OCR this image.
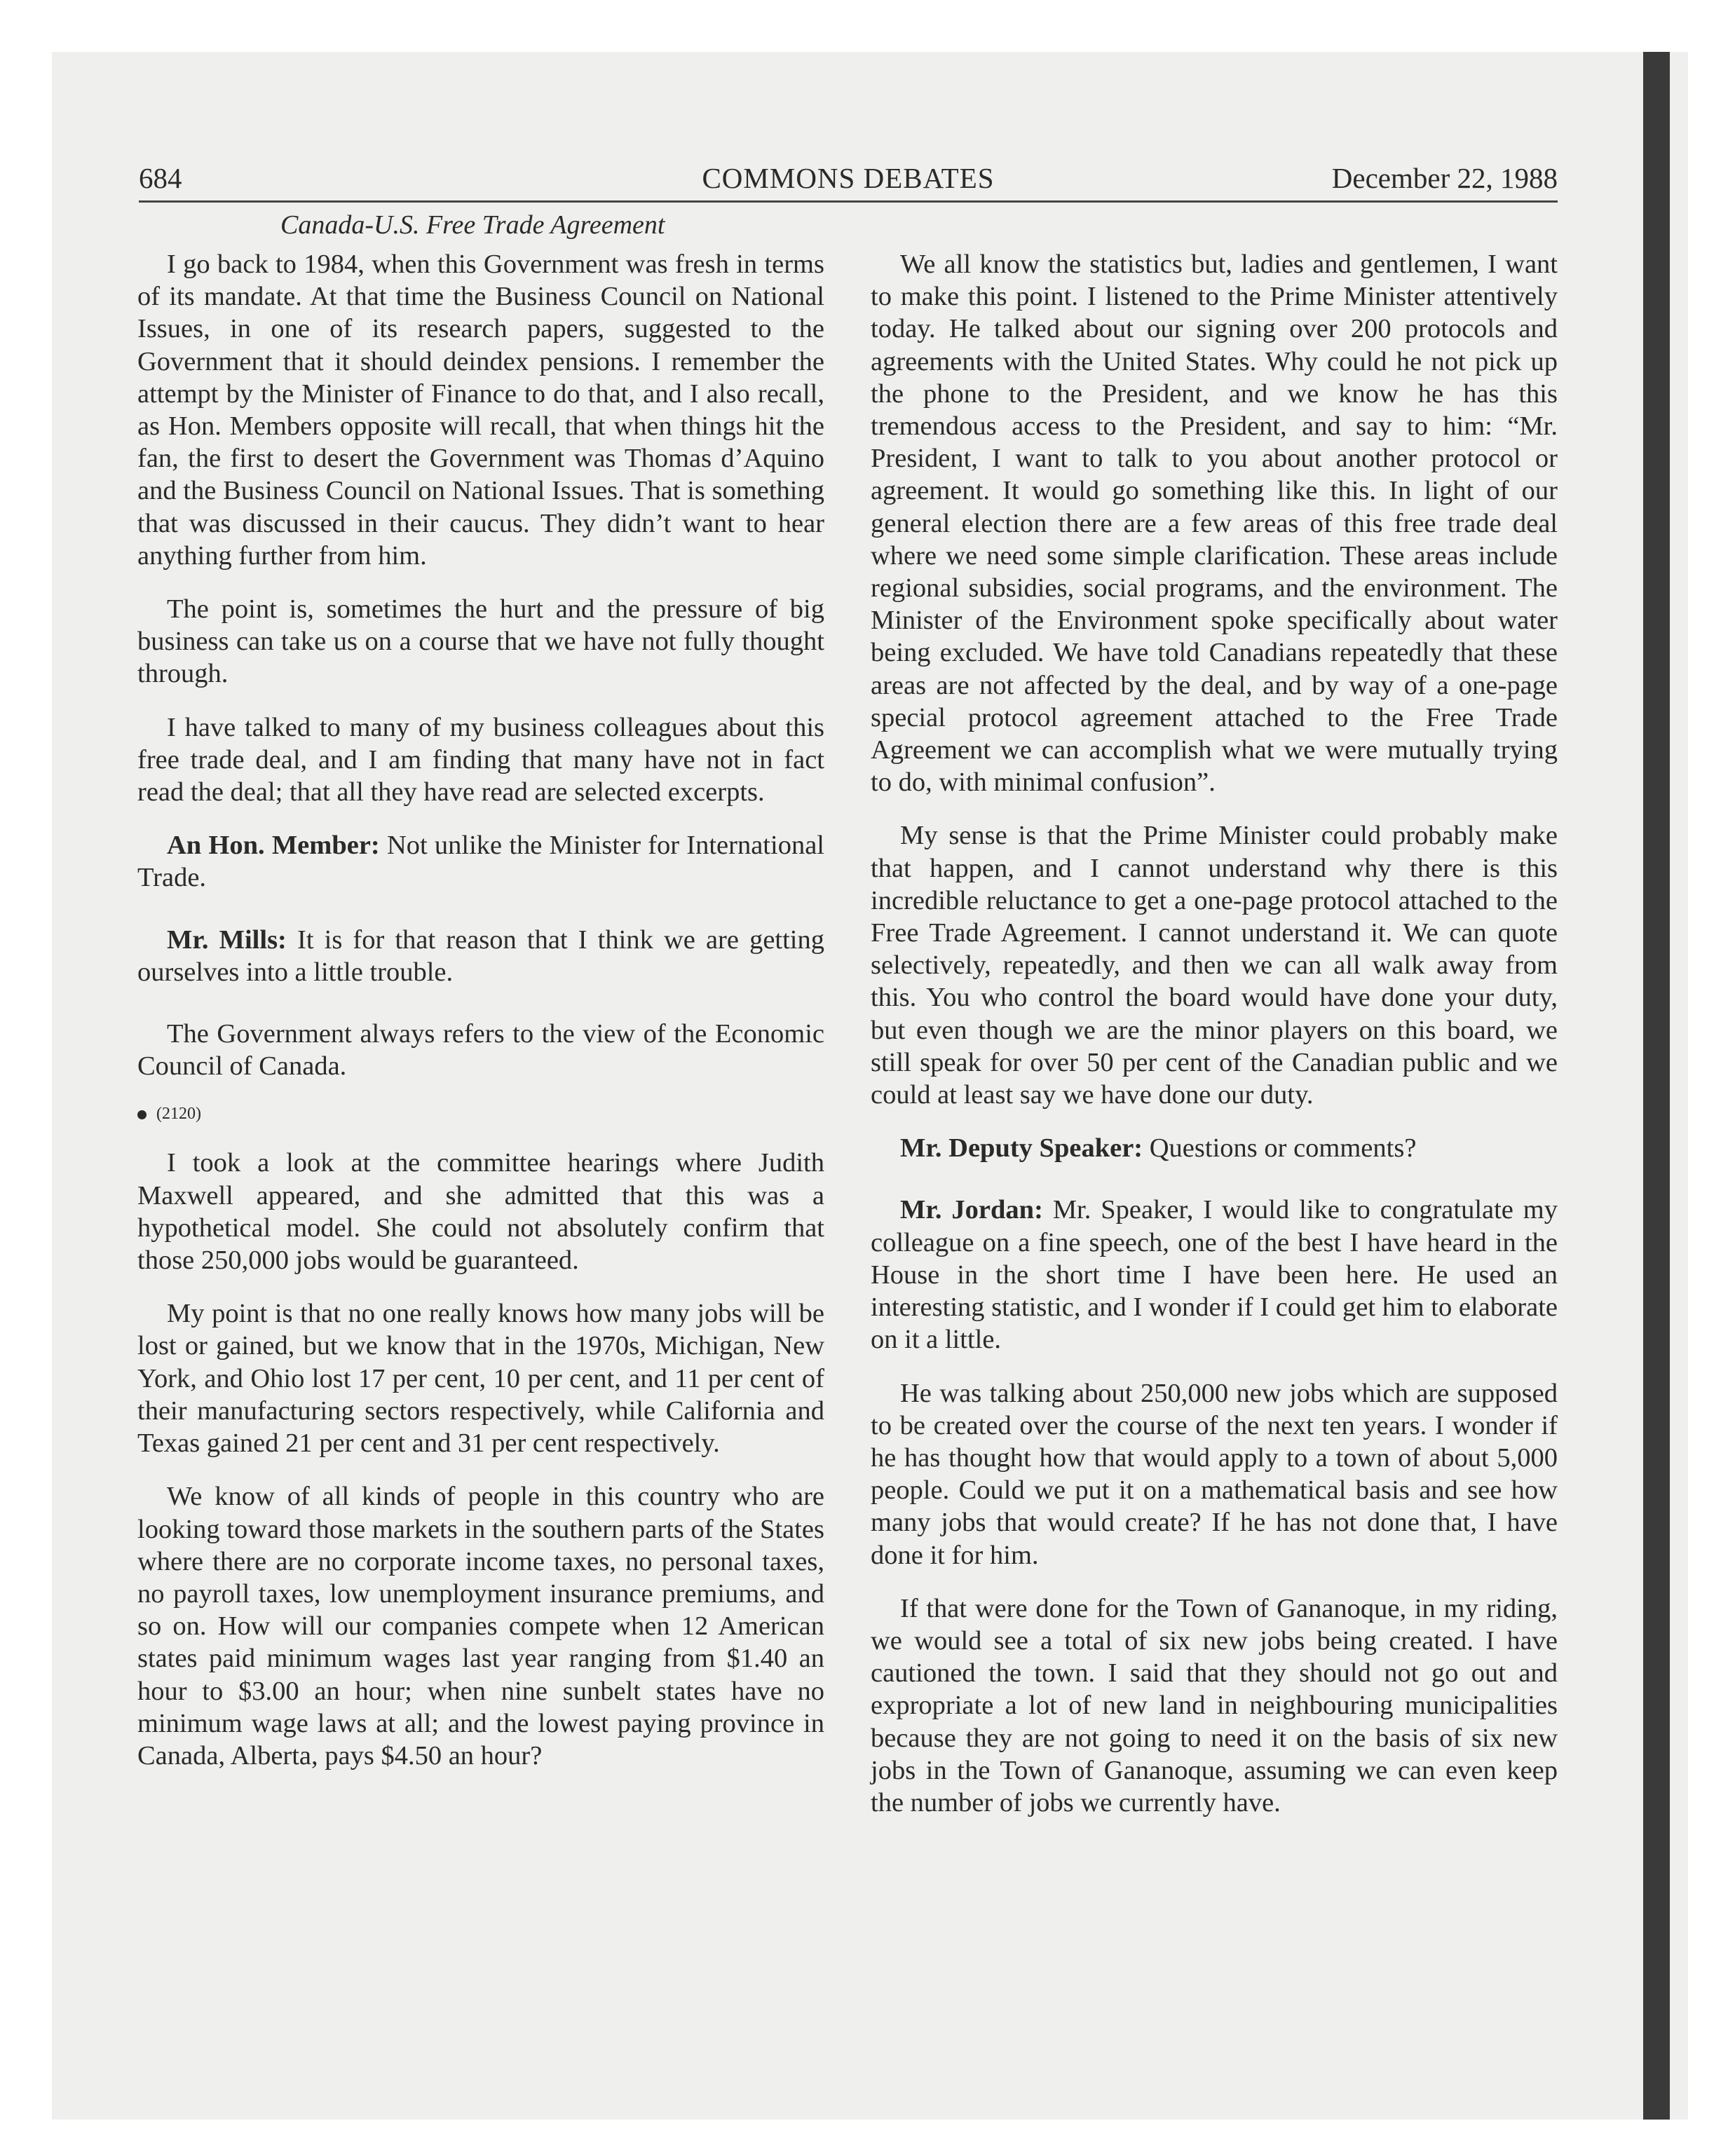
684	COMMONS DEBATES	December 22, 1988
Canada-U.S. Free Trade Agreement

I go back to 1984, when this Government was fresh in terms of its mandate. At that time the Business Council on National Issues, in one of its research papers, suggested to the Government that it should deindex pensions. I remember the attempt by the Minister of Finance to do that, and I also recall, as Hon. Members opposite will recall, that when things hit the fan, the first to desert the Government was Thomas d’Aquino and the Business Council on National Issues. That is something that was discussed in their caucus. They didn’t want to hear anything further from him.

The point is, sometimes the hurt and the pressure of big business can take us on a course that we have not fully thought through.

I have talked to many of my business colleagues about this free trade deal, and I am finding that many have not in fact read the deal; that all they have read are selected excerpts.

An Hon. Member: Not unlike the Minister for International Trade.

Mr. Mills: It is for that reason that I think we are getting ourselves into a little trouble.

The Government always refers to the view of the Economic Council of Canada.

(2120)

I took a look at the committee hearings where Judith Maxwell appeared, and she admitted that this was a hypothetical model. She could not absolutely confirm that those 250,000 jobs would be guaranteed.

My point is that no one really knows how many jobs will be lost or gained, but we know that in the 1970s, Michigan, New York, and Ohio lost 17 per cent, 10 per cent, and 11 per cent of their manufacturing sectors respectively, while California and Texas gained 21 per cent and 31 per cent respectively.

We know of all kinds of people in this country who are looking toward those markets in the southern parts of the States where there are no corporate income taxes, no personal taxes, no payroll taxes, low unemployment insurance premiums, and so on. How will our companies compete when 12 American states paid minimum wages last year ranging from $1.40 an hour to $3.00 an hour; when nine sunbelt states have no minimum wage laws at all; and the lowest paying province in Canada, Alberta, pays $4.50 an hour?

We all know the statistics but, ladies and gentlemen, I want to make this point. I listened to the Prime Minister attentively today. He talked about our signing over 200 protocols and agreements with the United States. Why could he not pick up the phone to the President, and we know he has this tremendous access to the President, and say to him: “Mr. President, I want to talk to you about another protocol or agreement. It would go something like this. In light of our general election there are a few areas of this free trade deal where we need some simple clarification. These areas include regional subsidies, social programs, and the environment. The Minister of the Environment spoke specifically about water being excluded. We have told Canadians repeatedly that these areas are not affected by the deal, and by way of a one-page special protocol agreement attached to the Free Trade Agreement we can accomplish what we were mutually trying to do, with minimal confusion”.

My sense is that the Prime Minister could probably make that happen, and I cannot understand why there is this incredible reluctance to get a one-page protocol attached to the Free Trade Agreement. I cannot understand it. We can quote selectively, repeatedly, and then we can all walk away from this. You who control the board would have done your duty, but even though we are the minor players on this board, we still speak for over 50 per cent of the Canadian public and we could at least say we have done our duty.

Mr. Deputy Speaker: Questions or comments?

Mr. Jordan: Mr. Speaker, I would like to congratulate my colleague on a fine speech, one of the best I have heard in the House in the short time I have been here. He used an interesting statistic, and I wonder if I could get him to elaborate on it a little.

He was talking about 250,000 new jobs which are supposed to be created over the course of the next ten years. I wonder if he has thought how that would apply to a town of about 5,000 people. Could we put it on a mathematical basis and see how many jobs that would create? If he has not done that, I have done it for him.

If that were done for the Town of Gananoque, in my riding, we would see a total of six new jobs being created. I have cautioned the town. I said that they should not go out and expropriate a lot of new land in neighbouring municipalities because they are not going to need it on the basis of six new jobs in the Town of Gananoque, assuming we can even keep the number of jobs we currently have.
